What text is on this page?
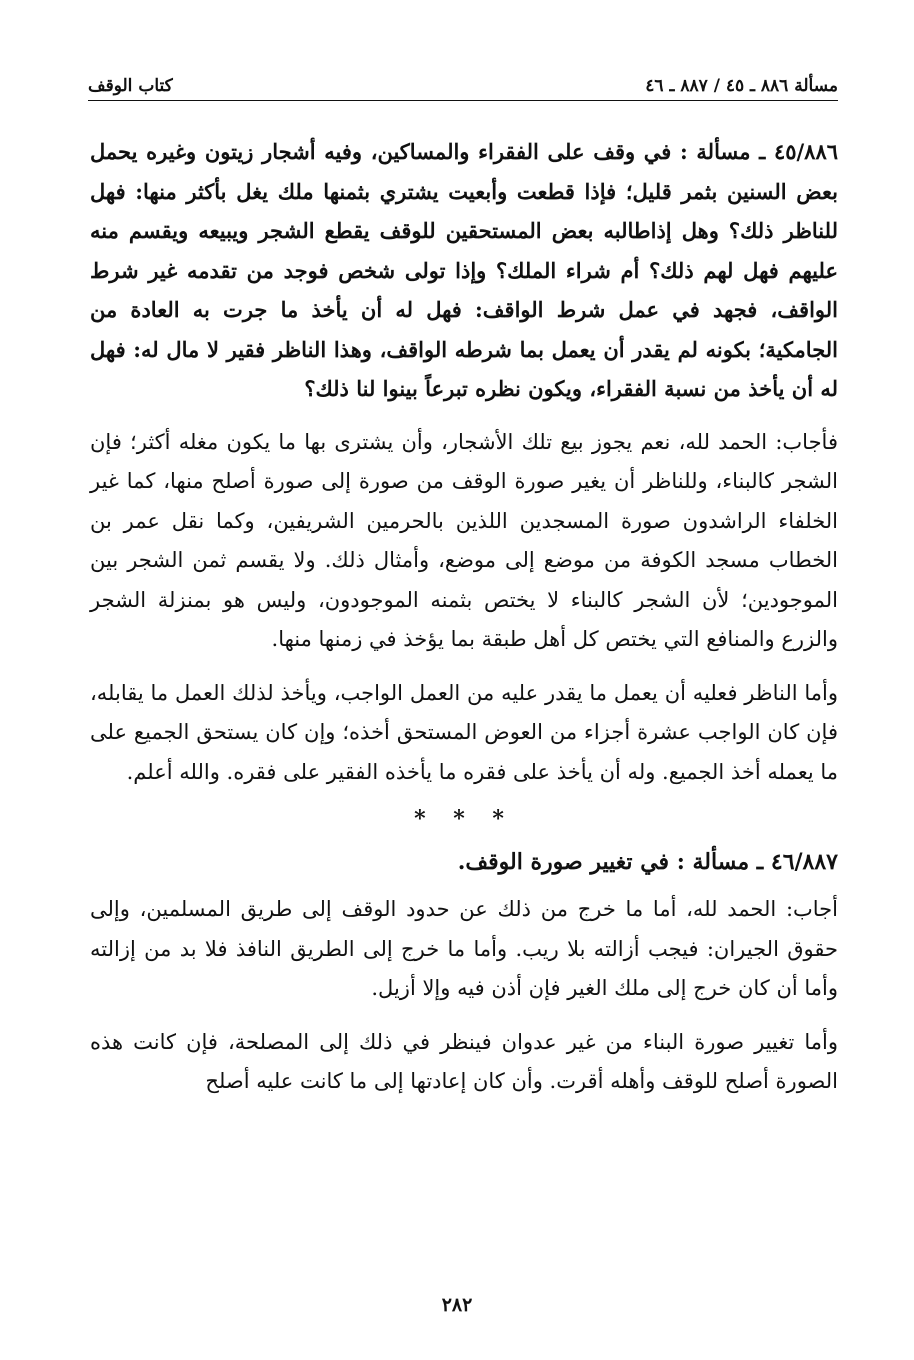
مسألة ٨٨٦ ـ ٤٥ / ٨٨٧ ـ ٤٦
كتاب الوقف

٤٥/٨٨٦ ـ مسألة : في وقف على الفقراء والمساكين، وفيه أشجار زيتون وغيره يحمل بعض السنين بثمر قليل؛ فإذا قطعت وأبعيت يشتري بثمنها ملك يغل بأكثر منها: فهل للناظر ذلك؟ وهل إذاطالبه بعض المستحقين للوقف يقطع الشجر ويبيعه ويقسم منه عليهم فهل لهم ذلك؟ أم شراء الملك؟ وإذا تولى شخص فوجد من تقدمه غير شرط الواقف، فجهد في عمل شرط الواقف: فهل له أن يأخذ ما جرت به العادة من الجامكية؛ بكونه لم يقدر أن يعمل بما شرطه الواقف، وهذا الناظر فقير لا مال له: فهل له أن يأخذ من نسبة الفقراء، ويكون نظره تبرعاً بينوا لنا ذلك؟

فأجاب: الحمد لله، نعم يجوز بيع تلك الأشجار، وأن يشترى بها ما يكون مغله أكثر؛ فإن الشجر كالبناء، وللناظر أن يغير صورة الوقف من صورة إلى صورة أصلح منها، كما غير الخلفاء الراشدون صورة المسجدين اللذين بالحرمين الشريفين، وكما نقل عمر بن الخطاب مسجد الكوفة من موضع إلى موضع، وأمثال ذلك. ولا يقسم ثمن الشجر بين الموجودين؛ لأن الشجر كالبناء لا يختص بثمنه الموجودون، وليس هو بمنزلة الشجر والزرع والمنافع التي يختص كل أهل طبقة بما يؤخذ في زمنها منها.

وأما الناظر فعليه أن يعمل ما يقدر عليه من العمل الواجب، ويأخذ لذلك العمل ما يقابله، فإن كان الواجب عشرة أجزاء من العوض المستحق أخذه؛ وإن كان يستحق الجميع على ما يعمله أخذ الجميع. وله أن يأخذ على فقره ما يأخذه الفقير على فقره. والله أعلم.

* * *

٤٦/٨٨٧ ـ مسألة : في تغيير صورة الوقف.

أجاب: الحمد لله، أما ما خرج من ذلك عن حدود الوقف إلى طريق المسلمين، وإلى حقوق الجيران: فيجب أزالته بلا ريب. وأما ما خرج إلى الطريق النافذ فلا بد من إزالته وأما أن كان خرج إلى ملك الغير فإن أذن فيه وإلا أزيل.

وأما تغيير صورة البناء من غير عدوان فينظر في ذلك إلى المصلحة، فإن كانت هذه الصورة أصلح للوقف وأهله أقرت. وأن كان إعادتها إلى ما كانت عليه أصلح

٢٨٢
